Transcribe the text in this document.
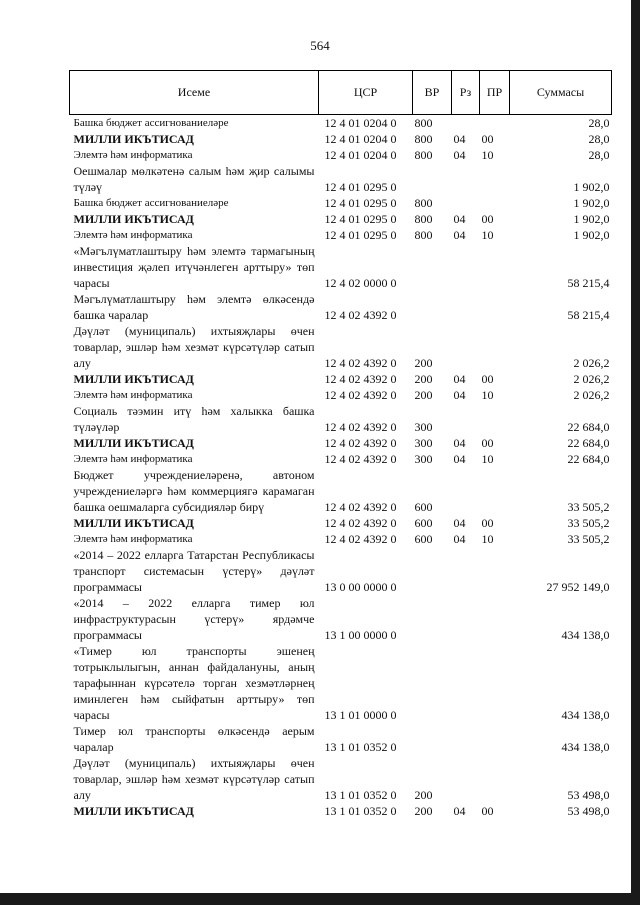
564
Исеме	ЦСР	ВР	Рз	ПР	Суммасы
Башка бюджет ассигнованиеләре	12 4 01 0204 0	800			28,0
МИЛЛИ ИКЪТИСАД	12 4 01 0204 0	800	04	00	28,0
Элемтә һәм информатика	12 4 01 0204 0	800	04	10	28,0
Оешмалар мөлкәтенә салым һәм җир салымы түләү	12 4 01 0295 0				1 902,0
Башка бюджет ассигнованиеләре	12 4 01 0295 0	800			1 902,0
МИЛЛИ ИКЪТИСАД	12 4 01 0295 0	800	04	00	1 902,0
Элемтә һәм информатика	12 4 01 0295 0	800	04	10	1 902,0
«Мәгълүматлаштыру һәм элемтә тармагының инвестиция җәлеп итүчәнлеген арттыру» төп чарасы	12 4 02 0000 0				58 215,4
Мәгълүматлаштыру һәм элемтә өлкәсендә башка чаралар	12 4 02 4392 0				58 215,4
Дәүләт (муниципаль) ихтыяҗлары өчен товарлар, эшләр һәм хезмәт күрсәтүләр сатып алу	12 4 02 4392 0	200			2 026,2
МИЛЛИ ИКЪТИСАД	12 4 02 4392 0	200	04	00	2 026,2
Элемтә һәм информатика	12 4 02 4392 0	200	04	10	2 026,2
Социаль тәэмин итү һәм халыкка башка түләүләр	12 4 02 4392 0	300			22 684,0
МИЛЛИ ИКЪТИСАД	12 4 02 4392 0	300	04	00	22 684,0
Элемтә һәм информатика	12 4 02 4392 0	300	04	10	22 684,0
Бюджет учреждениеләренә, автоном учреждениеләргә һәм коммерциягә карамаган башка оешмаларга субсидияләр бирү	12 4 02 4392 0	600			33 505,2
МИЛЛИ ИКЪТИСАД	12 4 02 4392 0	600	04	00	33 505,2
Элемтә һәм информатика	12 4 02 4392 0	600	04	10	33 505,2
«2014 – 2022 елларга Татарстан Республикасы транспорт системасын үстерү» дәүләт программасы	13 0 00 0000 0				27 952 149,0
«2014 – 2022 елларга тимер юл инфраструктурасын үстерү» ярдәмче программасы	13 1 00 0000 0				434 138,0
«Тимер юл транспорты эшенең тотрыклылыгын, аннан файдалануны, аның тарафыннан күрсәтелә торган хезмәтләрнең иминлеген һәм сыйфатын арттыру» төп чарасы	13 1 01 0000 0				434 138,0
Тимер юл транспорты өлкәсендә аерым чаралар	13 1 01 0352 0				434 138,0
Дәүләт (муниципаль) ихтыяҗлары өчен товарлар, эшләр һәм хезмәт күрсәтүләр сатып алу	13 1 01 0352 0	200			53 498,0
МИЛЛИ ИКЪТИСАД	13 1 01 0352 0	200	04	00	53 498,0
